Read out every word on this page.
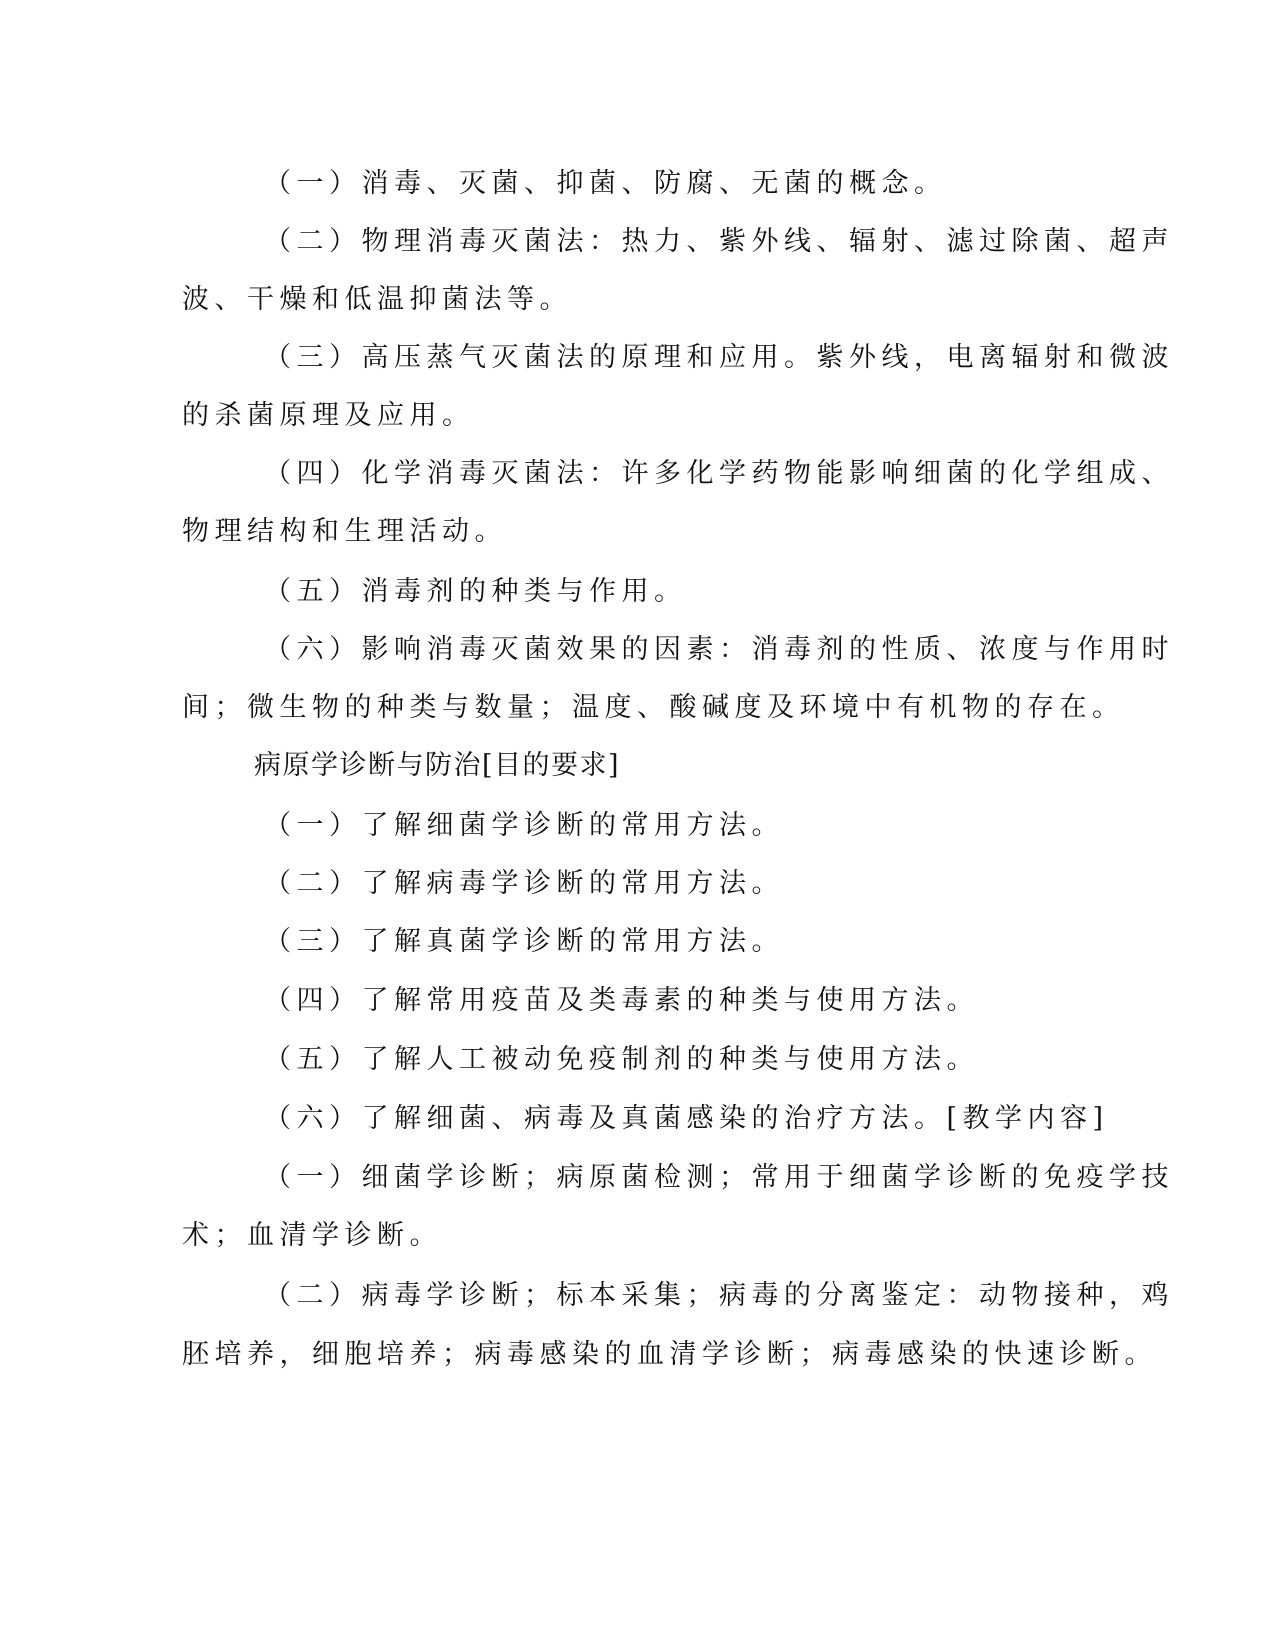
（一）消毒、灭菌、抑菌、防腐、无菌的概念。
（二）物理消毒灭菌法：热力、紫外线、辐射、滤过除菌、超声
波、干燥和低温抑菌法等。
（三）高压蒸气灭菌法的原理和应用。紫外线，电离辐射和微波
的杀菌原理及应用。
（四）化学消毒灭菌法：许多化学药物能影响细菌的化学组成、
物理结构和生理活动。
（五）消毒剂的种类与作用。
（六）影响消毒灭菌效果的因素：消毒剂的性质、浓度与作用时
间；微生物的种类与数量；温度、酸碱度及环境中有机物的存在。
病原学诊断与防治[目的要求]
（一）了解细菌学诊断的常用方法。
（二）了解病毒学诊断的常用方法。
（三）了解真菌学诊断的常用方法。
（四）了解常用疫苗及类毒素的种类与使用方法。
（五）了解人工被动免疫制剂的种类与使用方法。
（六）了解细菌、病毒及真菌感染的治疗方法。[教学内容]
（一）细菌学诊断；病原菌检测；常用于细菌学诊断的免疫学技
术；血清学诊断。
（二）病毒学诊断；标本采集；病毒的分离鉴定：动物接种，鸡
胚培养，细胞培养；病毒感染的血清学诊断；病毒感染的快速诊断。
